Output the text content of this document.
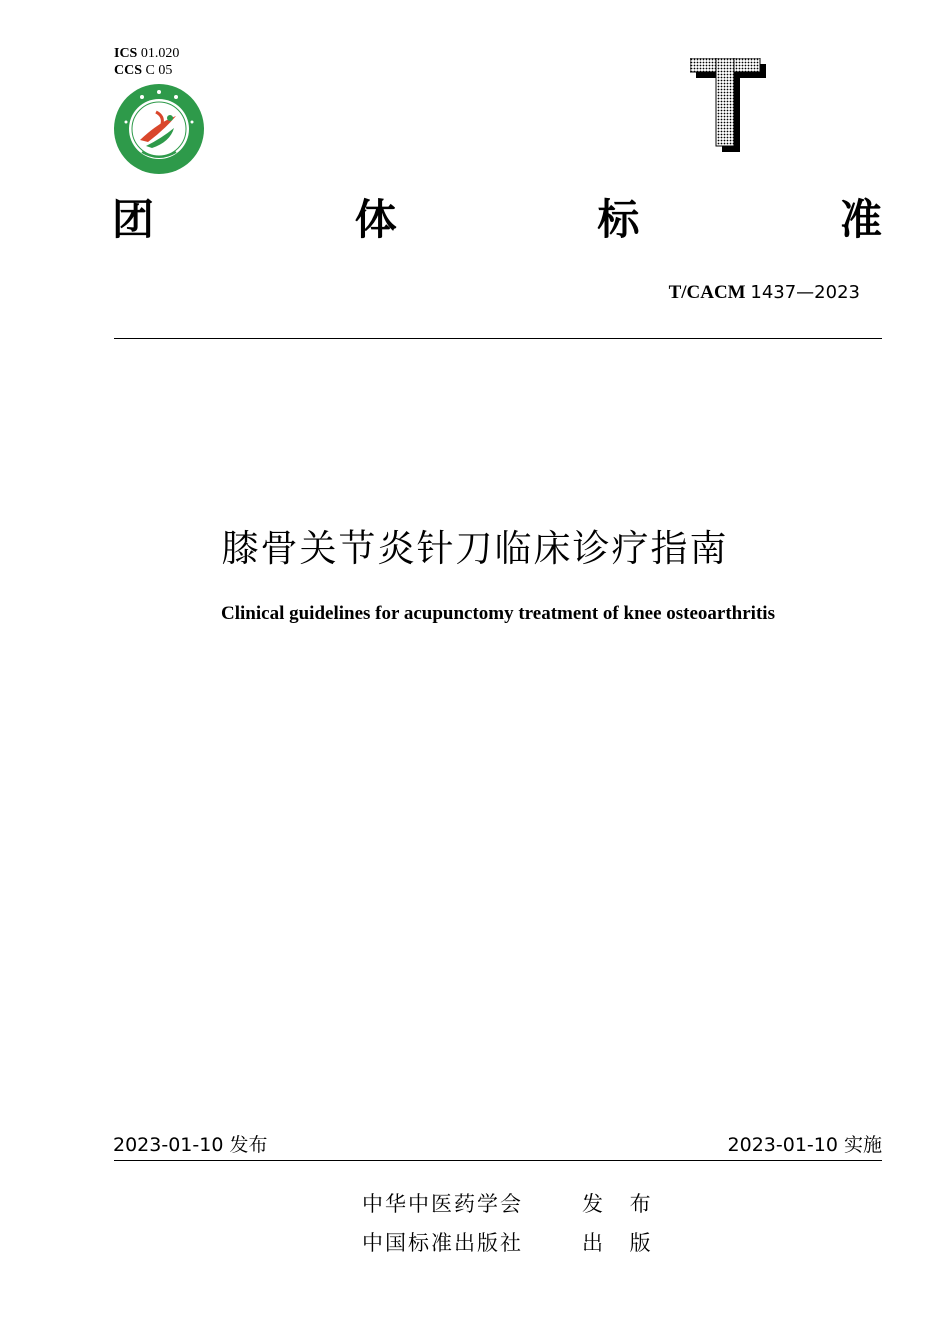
ICS 01.020
CCS C 05
团	体	标	准
T/CACM 1437—2023
膝骨关节炎针刀临床诊疗指南
Clinical guidelines for acupunctomy treatment of knee osteoarthritis
2023-01-10 发布	2023-01-10 实施
中华中医药学会	发 布
中国标准出版社	出 版
